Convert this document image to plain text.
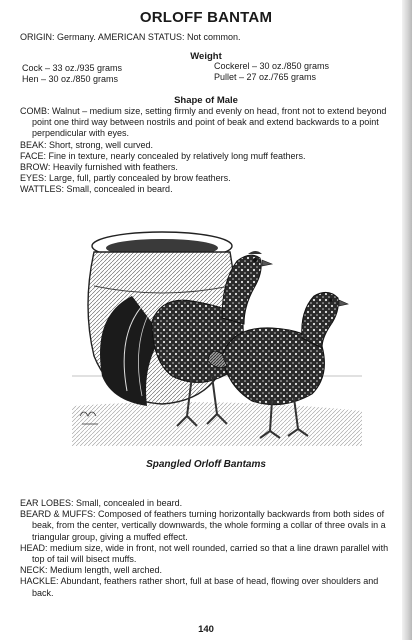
ORLOFF BANTAM
ORIGIN: Germany. AMERICAN STATUS: Not common.
Weight
Cock – 33 oz./935 grams
Hen – 30 oz./850 grams
Cockerel – 30 oz./850 grams
Pullet – 27 oz./765 grams
Shape of Male

COMB: Walnut – medium size, setting firmly and evenly on head, front not to extend beyond point one third way between nostrils and point of beak and extend backwards to a point perpendicular with eyes.

BEAK: Short, strong, well curved.

FACE: Fine in texture, nearly concealed by relatively long muff feathers.

BROW: Heavily furnished with feathers.

EYES: Large, full, partly concealed by brow feathers.

WATTLES: Small, concealed in beard.

Spangled Orloff Bantams

EAR LOBES: Small, concealed in beard.

BEARD & MUFFS: Composed of feathers turning horizontally backwards from both sides of beak, from the center, vertically downwards, the whole forming a collar of three ovals in a triangular group, giving a muffed effect.

HEAD: medium size, wide in front, not well rounded, carried so that a line drawn parallel with top of tail will bisect muffs.

NECK: Medium length, well arched.

HACKLE: Abundant, feathers rather short, full at base of head, flowing over shoulders and back.

140
